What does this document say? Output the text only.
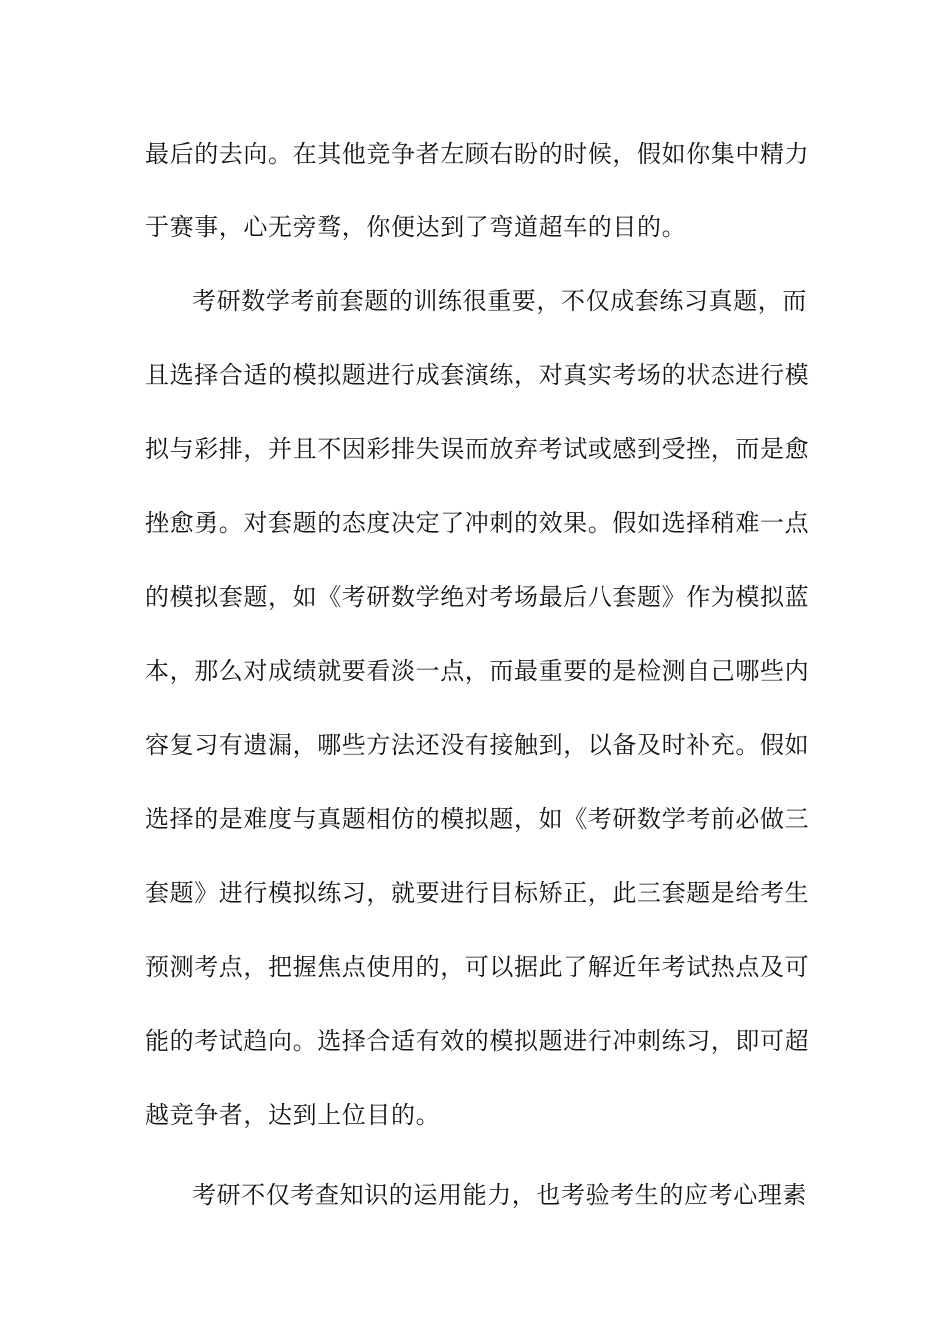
最后的去向。在其他竞争者左顾右盼的时候，假如你集中精力
于赛事，心无旁骛，你便达到了弯道超车的目的。
考研数学考前套题的训练很重要，不仅成套练习真题，而
且选择合适的模拟题进行成套演练，对真实考场的状态进行模
拟与彩排，并且不因彩排失误而放弃考试或感到受挫，而是愈
挫愈勇。对套题的态度决定了冲刺的效果。假如选择稍难一点
的模拟套题，如《考研数学绝对考场最后八套题》作为模拟蓝
本，那么对成绩就要看淡一点，而最重要的是检测自己哪些内
容复习有遗漏，哪些方法还没有接触到，以备及时补充。假如
选择的是难度与真题相仿的模拟题，如《考研数学考前必做三
套题》进行模拟练习，就要进行目标矫正，此三套题是给考生
预测考点，把握焦点使用的，可以据此了解近年考试热点及可
能的考试趋向。选择合适有效的模拟题进行冲刺练习，即可超
越竞争者，达到上位目的。
考研不仅考查知识的运用能力，也考验考生的应考心理素
